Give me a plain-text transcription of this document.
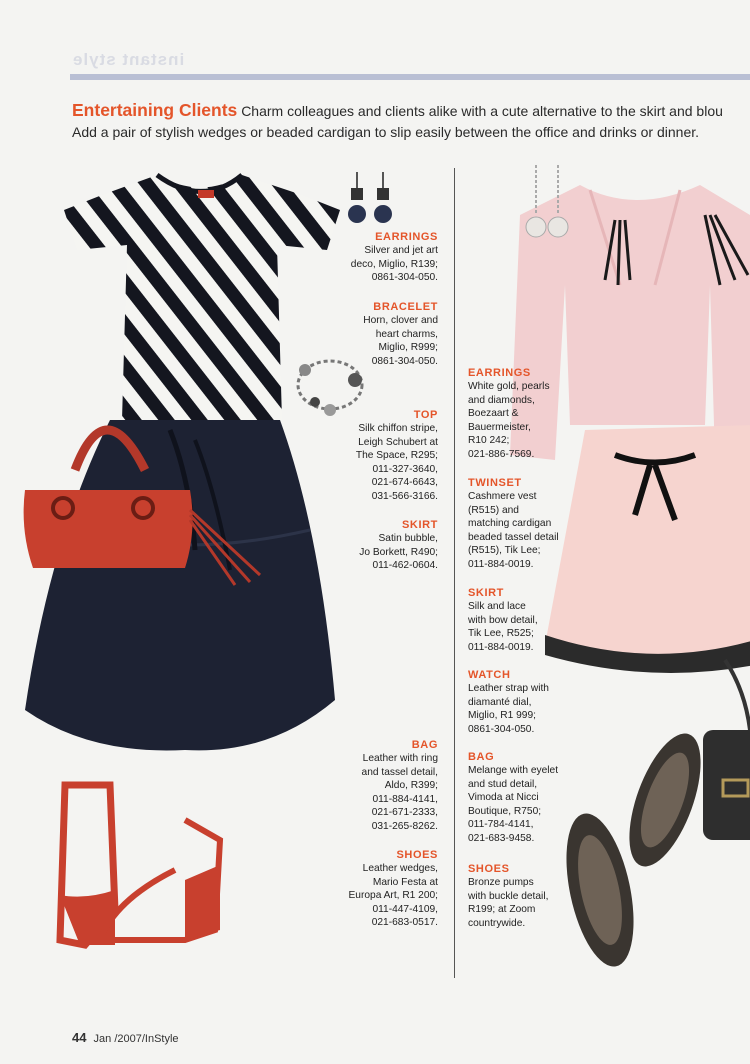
instant style
Entertaining Clients Charm colleagues and clients alike with a cute alternative to the skirt and blou
Add a pair of stylish wedges or beaded cardigan to slip easily between the office and drinks or dinner.

EARRINGS

Silver and jet art
deco, Miglio, R139;
0861-304-050.

BRACELET

Horn, clover and
heart charms,
Miglio, R999;
0861-304-050.

TOP

Silk chiffon stripe,
Leigh Schubert at
The Space, R295;
011-327-3640,
021-674-6643,
031-566-3166.

SKIRT

Satin bubble,
Jo Borkett, R490;
011-462-0604.

BAG

Leather with ring
and tassel detail,
Aldo, R399;
011-884-4141,
021-671-2333,
031-265-8262.

SHOES

Leather wedges,
Mario Festa at
Europa Art, R1 200;
011-447-4109,
021-683-0517.

EARRINGS

White gold, pearls
and diamonds,
Boezaart &
Bauermeister,
R10 242;
021-886-7569.

TWINSET

Cashmere vest
(R515) and
matching cardigan
beaded tassel detail
(R515), Tik Lee;
011-884-0019.

SKIRT

Silk and lace
with bow detail,
Tik Lee, R525;
011-884-0019.

WATCH

Leather strap with
diamanté dial,
Miglio, R1 999;
0861-304-050.

BAG

Melange with eyelet
and stud detail,
Vimoda at Nicci
Boutique, R750;
011-784-4141,
021-683-9458.

SHOES

Bronze pumps
with buckle detail,
R199; at Zoom
countrywide.

44 Jan /2007/InStyle
